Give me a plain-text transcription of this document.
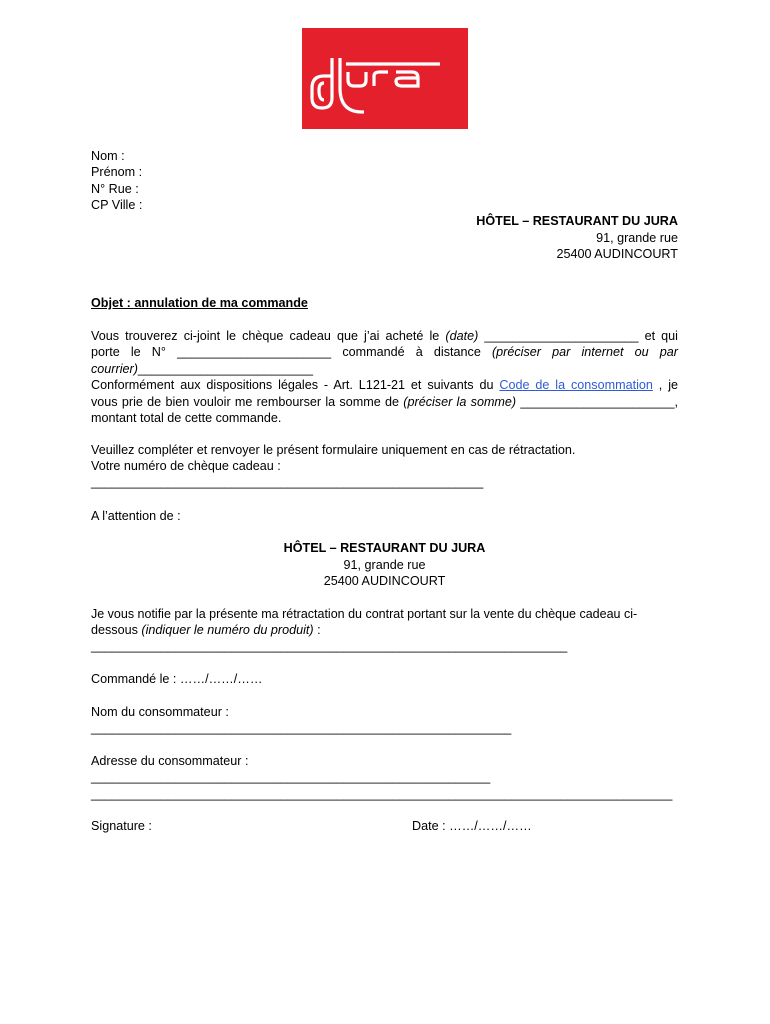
Nom :
Prénom :
N° Rue :
CP Ville :
HÔTEL – RESTAURANT DU JURA
91, grande rue
25400 AUDINCOURT
Objet : annulation de ma commande
Vous trouverez ci-joint le chèque cadeau que j’ai acheté le (date) ______________________ et qui
porte le N° ______________________ commandé à distance (préciser par internet ou par
courrier)_________________________
Conformément aux dispositions légales - Art. L121-21 et suivants du Code de la consommation , je
vous prie de bien vouloir me rembourser la somme de (préciser la somme) ______________________,
montant total de cette commande.
Veuillez compléter et renvoyer le présent formulaire uniquement en cas de rétractation.
Votre numéro de chèque cadeau :
________________________________________________________
A l’attention de :
HÔTEL – RESTAURANT DU JURA
91, grande rue
25400 AUDINCOURT
Je vous notifie par la présente ma rétractation du contrat portant sur la vente du chèque cadeau ci-
dessous (indiquer le numéro du produit) :
____________________________________________________________________
Commandé le : ……/……/……
Nom du consommateur :
____________________________________________________________
Adresse du consommateur :
_________________________________________________________
___________________________________________________________________________________
Signature :	Date : ……/……/……
